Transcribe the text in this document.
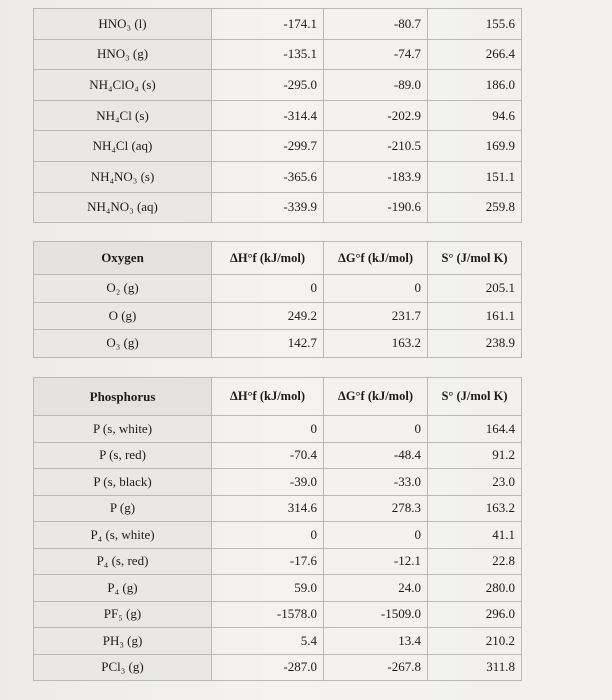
HNO₃ (l)	-174.1	-80.7	155.6
HNO₃ (g)	-135.1	-74.7	266.4
NH₄ClO₄ (s)	-295.0	-89.0	186.0
NH₄Cl (s)	-314.4	-202.9	94.6
NH₄Cl (aq)	-299.7	-210.5	169.9
NH₄NO₃ (s)	-365.6	-183.9	151.1
NH₄NO₃ (aq)	-339.9	-190.6	259.8
Oxygen	ΔH°f (kJ/mol)	ΔG°f (kJ/mol)	S° (J/mol K)
O₂ (g)	0	0	205.1
O (g)	249.2	231.7	161.1
O₃ (g)	142.7	163.2	238.9
Phosphorus	ΔH°f (kJ/mol)	ΔG°f (kJ/mol)	S° (J/mol K)
P (s, white)	0	0	164.4
P (s, red)	-70.4	-48.4	91.2
P (s, black)	-39.0	-33.0	23.0
P (g)	314.6	278.3	163.2
P₄ (s, white)	0	0	41.1
P₄ (s, red)	-17.6	-12.1	22.8
P₄ (g)	59.0	24.0	280.0
PF₅ (g)	-1578.0	-1509.0	296.0
PH₃ (g)	5.4	13.4	210.2
PCl₃ (g)	-287.0	-267.8	311.8
